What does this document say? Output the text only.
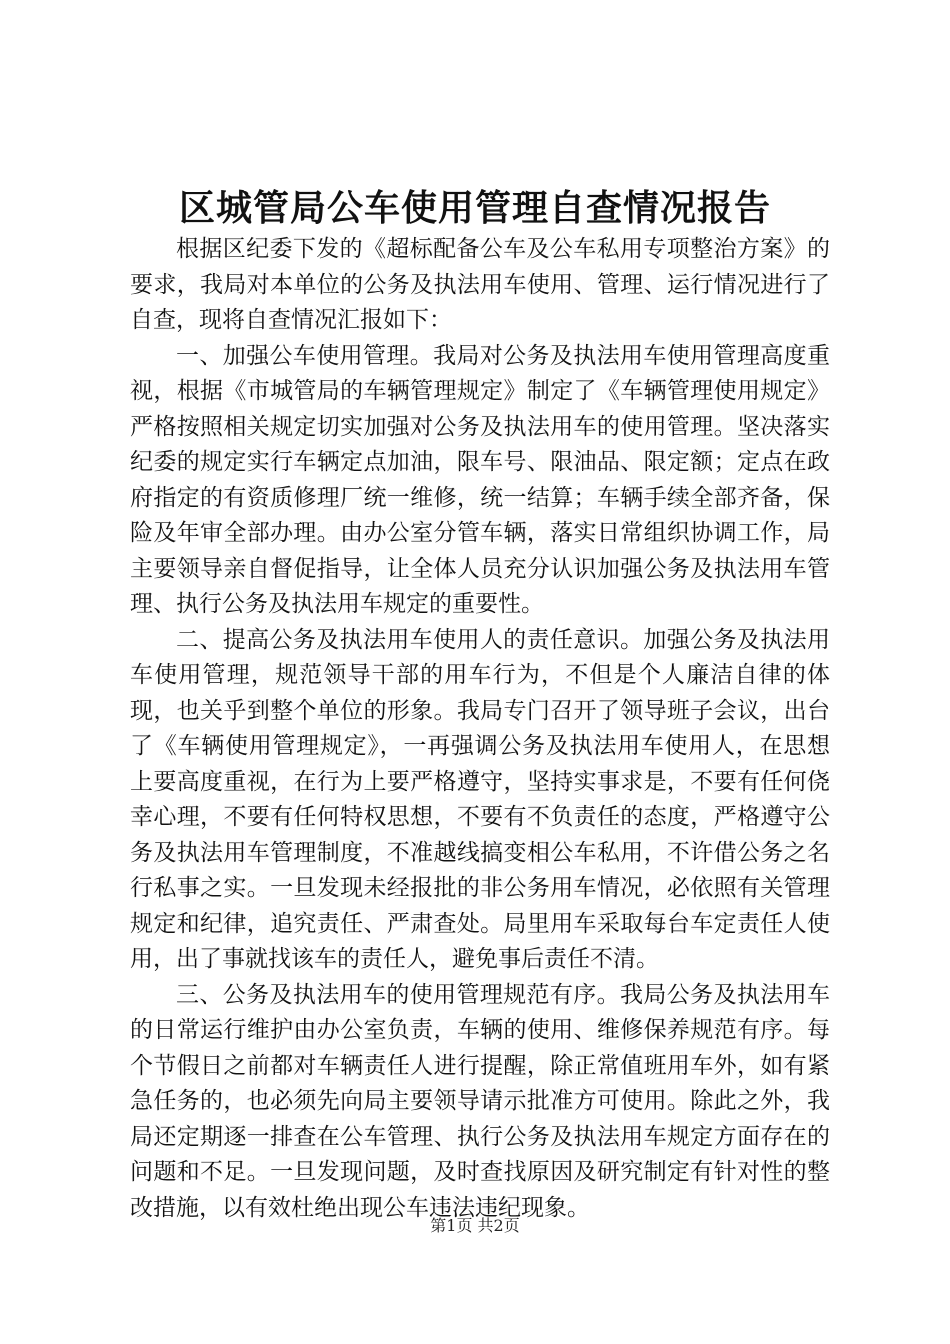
区城管局公车使用管理自查情况报告

根据区纪委下发的《超标配备公车及公车私用专项整治方案》的要求，我局对本单位的公务及执法用车使用、管理、运行情况进行了自查，现将自查情况汇报如下：

一、加强公车使用管理。我局对公务及执法用车使用管理高度重视，根据《市城管局的车辆管理规定》制定了《车辆管理使用规定》严格按照相关规定切实加强对公务及执法用车的使用管理。坚决落实纪委的规定实行车辆定点加油，限车号、限油品、限定额；定点在政府指定的有资质修理厂统一维修，统一结算；车辆手续全部齐备，保险及年审全部办理。由办公室分管车辆，落实日常组织协调工作，局主要领导亲自督促指导，让全体人员充分认识加强公务及执法用车管理、执行公务及执法用车规定的重要性。

二、提高公务及执法用车使用人的责任意识。加强公务及执法用车使用管理，规范领导干部的用车行为，不但是个人廉洁自律的体现，也关乎到整个单位的形象。我局专门召开了领导班子会议，出台了《车辆使用管理规定》，一再强调公务及执法用车使用人，在思想上要高度重视，在行为上要严格遵守，坚持实事求是，不要有任何侥幸心理，不要有任何特权思想，不要有不负责任的态度，严格遵守公务及执法用车管理制度，不准越线搞变相公车私用，不许借公务之名行私事之实。一旦发现未经报批的非公务用车情况，必依照有关管理规定和纪律，追究责任、严肃查处。局里用车采取每台车定责任人使用，出了事就找该车的责任人，避免事后责任不清。

三、公务及执法用车的使用管理规范有序。我局公务及执法用车的日常运行维护由办公室负责，车辆的使用、维修保养规范有序。每个节假日之前都对车辆责任人进行提醒，除正常值班用车外，如有紧急任务的，也必须先向局主要领导请示批准方可使用。除此之外，我局还定期逐一排查在公车管理、执行公务及执法用车规定方面存在的问题和不足。一旦发现问题，及时查找原因及研究制定有针对性的整改措施，以有效杜绝出现公车违法违纪现象。

第1页 共2页
